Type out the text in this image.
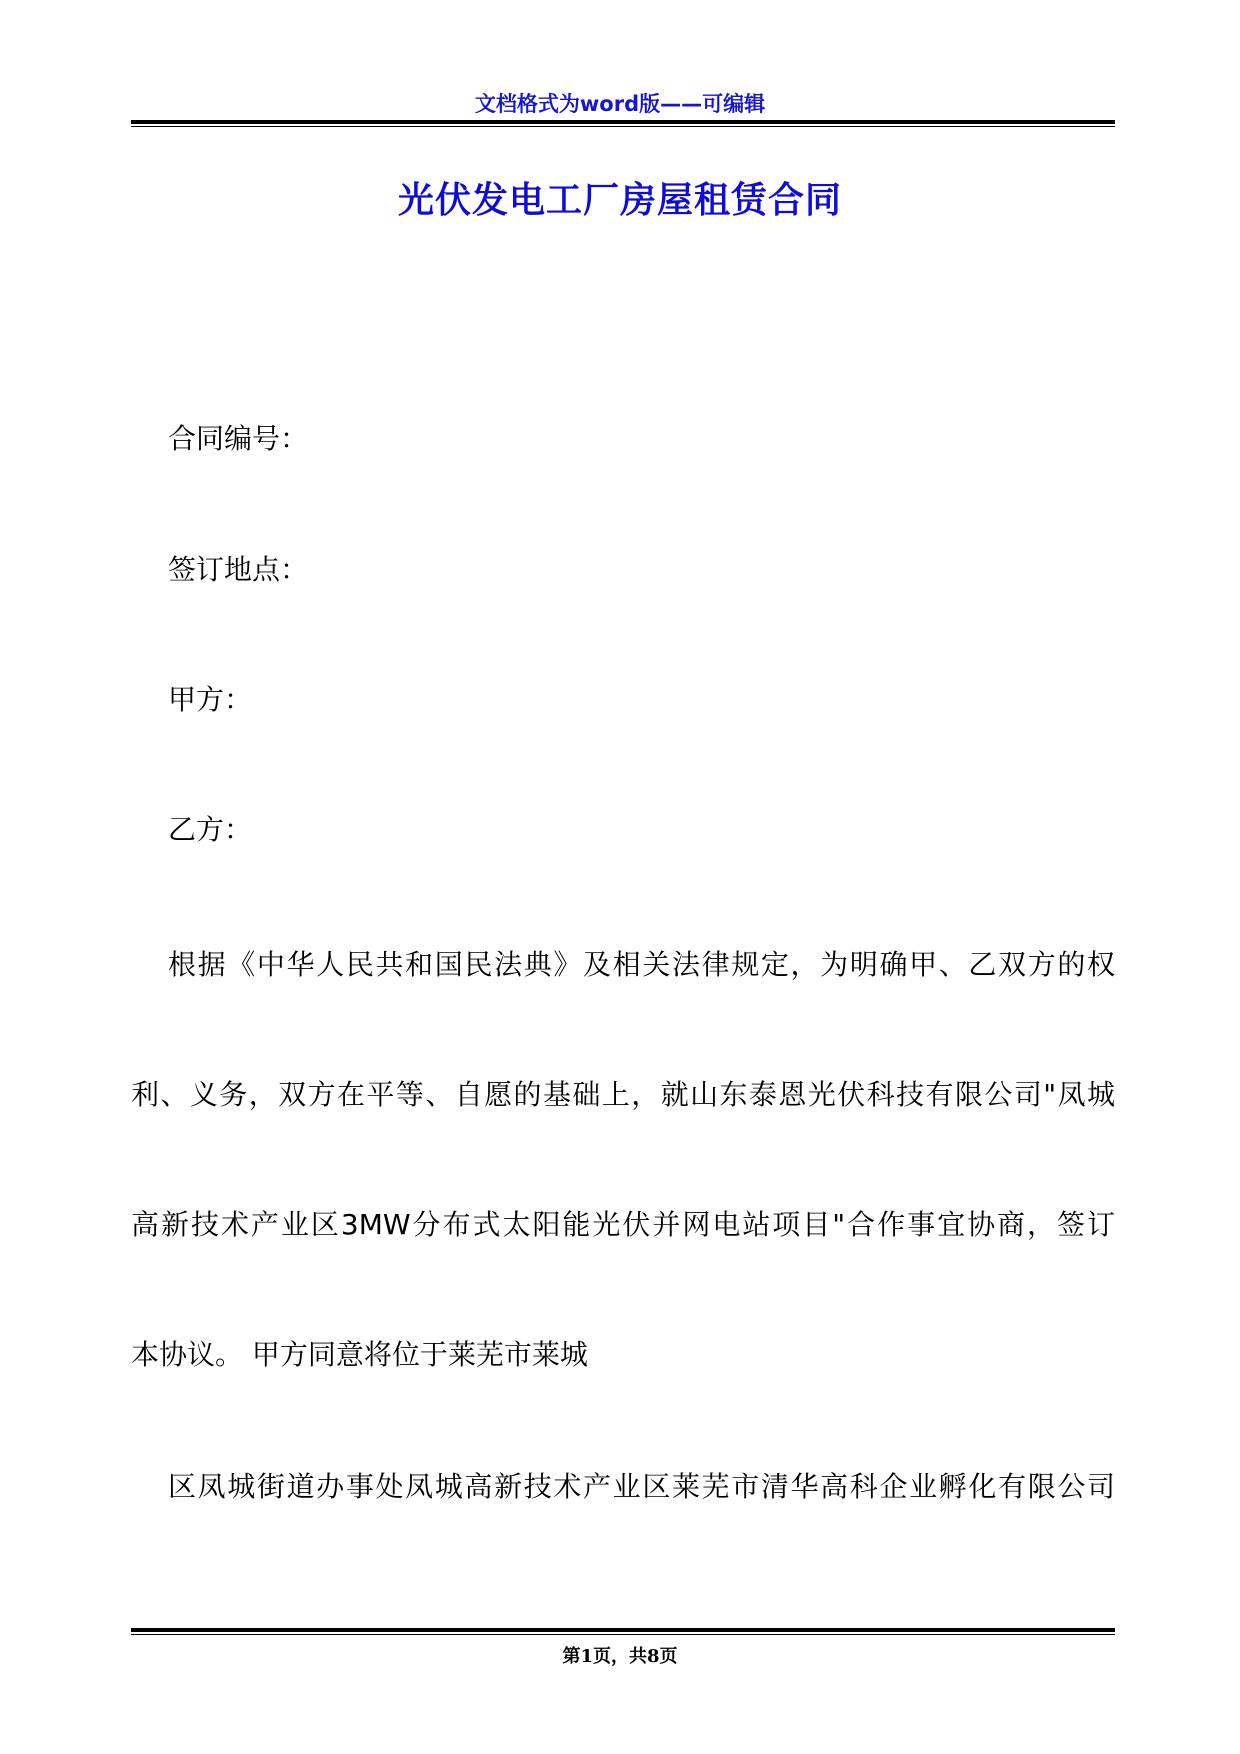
文档格式为word版——可编辑
光伏发电工厂房屋租赁合同
合同编号：
签订地点：
甲方：
乙方：
根据《中华人民共和国民法典》及相关法律规定，为明确甲、乙双方的权
利、义务，双方在平等、自愿的基础上，就山东泰恩光伏科技有限公司"凤城
高新技术产业区3MW分布式太阳能光伏并网电站项目"合作事宜协商，签订
本协议。 甲方同意将位于莱芜市莱城
区凤城街道办事处凤城高新技术产业区莱芜市清华高科企业孵化有限公司
第1页，共8页
